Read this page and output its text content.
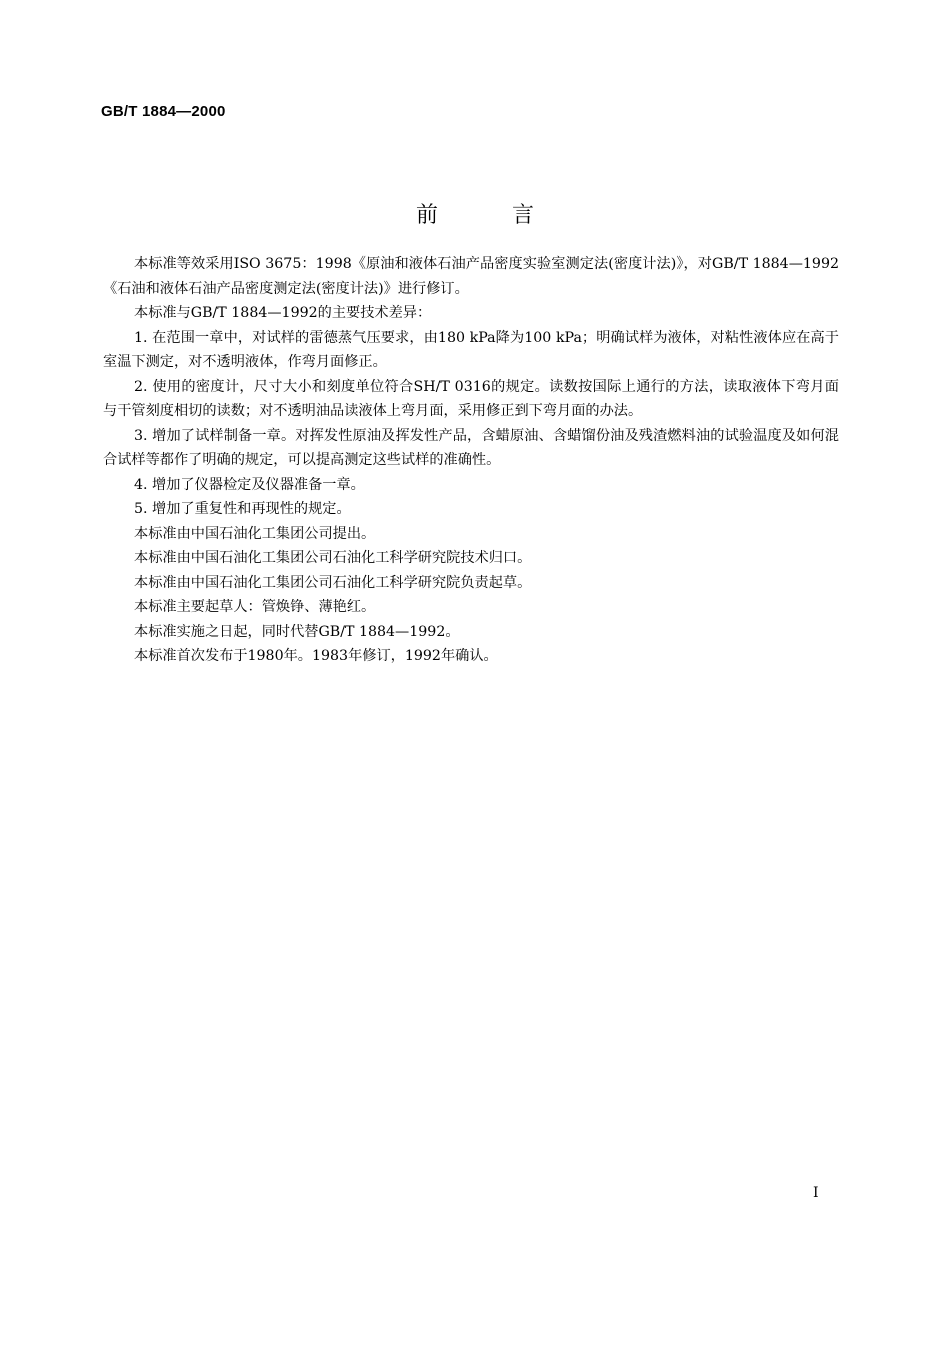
GB/T 1884—2000
前言

本标准等效采用ISO 3675：1998《原油和液体石油产品密度实验室测定法(密度计法)》，对GB/T 1884—1992《石油和液体石油产品密度测定法(密度计法)》进行修订。

本标准与GB/T 1884—1992的主要技术差异：

1. 在范围一章中，对试样的雷德蒸气压要求，由180 kPa降为100 kPa；明确试样为液体，对粘性液体应在高于室温下测定，对不透明液体，作弯月面修正。

2. 使用的密度计，尺寸大小和刻度单位符合SH/T 0316的规定。读数按国际上通行的方法，读取液体下弯月面与干管刻度相切的读数；对不透明油品读液体上弯月面，采用修正到下弯月面的办法。

3. 增加了试样制备一章。对挥发性原油及挥发性产品，含蜡原油、含蜡馏份油及残渣燃料油的试验温度及如何混合试样等都作了明确的规定，可以提高测定这些试样的准确性。

4. 增加了仪器检定及仪器准备一章。

5. 增加了重复性和再现性的规定。

本标准由中国石油化工集团公司提出。

本标准由中国石油化工集团公司石油化工科学研究院技术归口。

本标准由中国石油化工集团公司石油化工科学研究院负责起草。

本标准主要起草人：管焕铮、薄艳红。

本标准实施之日起，同时代替GB/T 1884—1992。

本标准首次发布于1980年。1983年修订，1992年确认。

I
